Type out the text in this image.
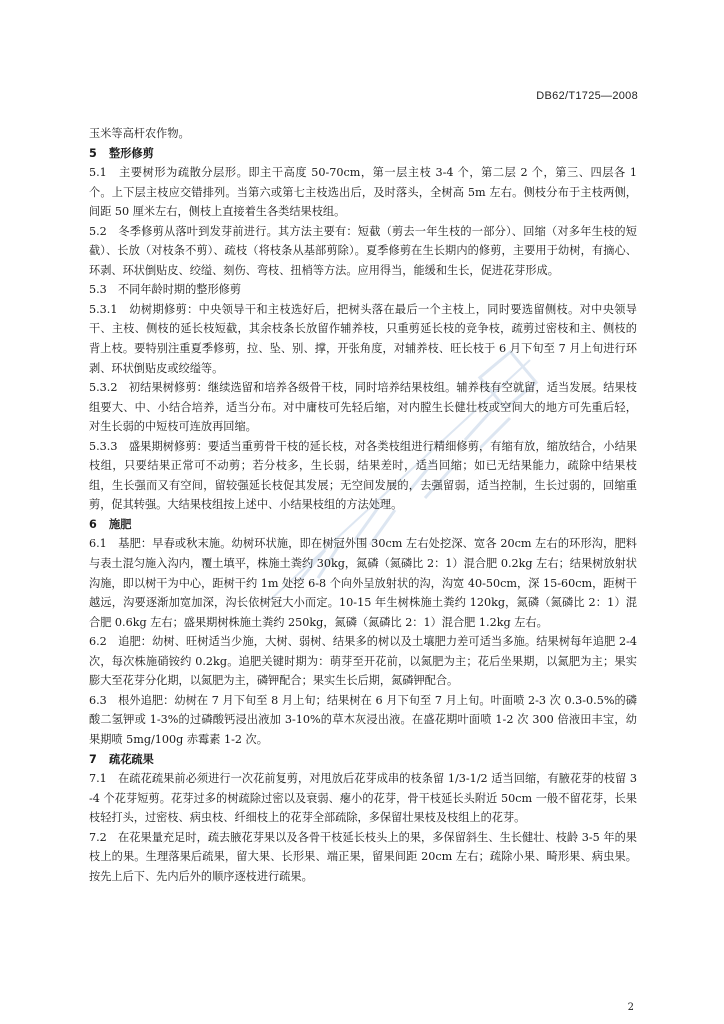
DB62/T1725—2008

玉米等高杆农作物。

5 整形修剪

5.1　主要树形为疏散分层形。即主干高度 50-70cm，第一层主枝 3-4 个，第二层 2 个，第三、四层各 1 个。上下层主枝应交错排列。当第六或第七主枝选出后，及时落头，全树高 5m 左右。侧枝分布于主枝两侧，间距 50 厘米左右，侧枝上直接着生各类结果枝组。

5.2　冬季修剪从落叶到发芽前进行。其方法主要有：短截（剪去一年生枝的一部分）、回缩（对多年生枝的短截）、长放（对枝条不剪）、疏枝（将枝条从基部剪除）。夏季修剪在生长期内的修剪，主要用于幼树，有摘心、环剥、环状倒贴皮、绞缢、刻伤、弯枝、扭梢等方法。应用得当，能缓和生长，促进花芽形成。

5.3　不同年龄时期的整形修剪

5.3.1　幼树期修剪：中央领导干和主枝选好后，把树头落在最后一个主枝上，同时要选留侧枝。对中央领导干、主枝、侧枝的延长枝短截，其余枝条长放留作辅养枝，只重剪延长枝的竞争枝，疏剪过密枝和主、侧枝的背上枝。要特别注重夏季修剪，拉、坠、别、撑，开张角度，对辅养枝、旺长枝于 6 月下旬至 7 月上旬进行环剥、环状倒贴皮或绞缢等。

5.3.2　初结果树修剪：继续选留和培养各级骨干枝，同时培养结果枝组。辅养枝有空就留，适当发展。结果枝组要大、中、小结合培养，适当分布。对中庸枝可先轻后缩，对内膛生长健壮枝或空间大的地方可先重后轻，对生长弱的中短枝可连放再回缩。

5.3.3　盛果期树修剪：要适当重剪骨干枝的延长枝，对各类枝组进行精细修剪，有缩有放，缩放结合，小结果枝组，只要结果正常可不动剪；若分枝多，生长弱，结果差时，适当回缩；如已无结果能力，疏除中结果枝组，生长强而又有空间，留较强延长枝促其发展；无空间发展的，去强留弱，适当控制，生长过弱的，回缩重剪，促其转强。大结果枝组按上述中、小结果枝组的方法处理。

6 施肥

6.1　基肥：早春或秋末施。幼树环状施，即在树冠外围 30cm 左右处挖深、宽各 20cm 左右的环形沟，肥料与表土混匀施入沟内，覆土填平，株施土粪约 30kg，氮磷（氮磷比 2：1）混合肥 0.2kg 左右；结果树放射状沟施，即以树干为中心，距树干约 1m 处挖 6-8 个向外呈放射状的沟，沟宽 40-50cm，深 15-60cm，距树干越远，沟要逐渐加宽加深，沟长依树冠大小而定。10-15 年生树株施土粪约 120kg，氮磷（氮磷比 2：1）混合肥 0.6kg 左右；盛果期树株施土粪约 250kg，氮磷（氮磷比 2：1）混合肥 1.2kg 左右。

6.2　追肥：幼树、旺树适当少施，大树、弱树、结果多的树以及土壤肥力差可适当多施。结果树每年追肥 2-4 次，每次株施硝铵约 0.2kg。追肥关键时期为：萌芽至开花前，以氮肥为主；花后坐果期，以氮肥为主；果实膨大至花芽分化期，以氮肥为主，磷钾配合；果实生长后期，氮磷钾配合。

6.3　根外追肥：幼树在 7 月下旬至 8 月上旬；结果树在 6 月下旬至 7 月上旬。叶面喷 2-3 次 0.3-0.5%的磷酸二氢钾或 1-3%的过磷酸钙浸出液加 3-10%的草木灰浸出液。在盛花期叶面喷 1-2 次 300 倍液田丰宝，幼果期喷 5mg/100g 赤霉素 1-2 次。

7 疏花疏果

7.1　在疏花疏果前必须进行一次花前复剪，对甩放后花芽成串的枝条留 1/3-1/2 适当回缩，有腋花芽的枝留 3-4 个花芽短剪。花芽过多的树疏除过密以及衰弱、瘪小的花芽，骨干枝延长头附近 50cm 一般不留花芽，长果枝轻打头，过密枝、病虫枝、纤细枝上的花芽全部疏除，多保留壮果枝及枝组上的花芽。

7.2　在花果量充足时，疏去腋花芽果以及各骨干枝延长枝头上的果，多保留斜生、生长健壮、枝龄 3-5 年的果枝上的果。生理落果后疏果，留大果、长形果、端正果，留果间距 20cm 左右；疏除小果、畸形果、病虫果。按先上后下、先内后外的顺序逐枝进行疏果。

2
